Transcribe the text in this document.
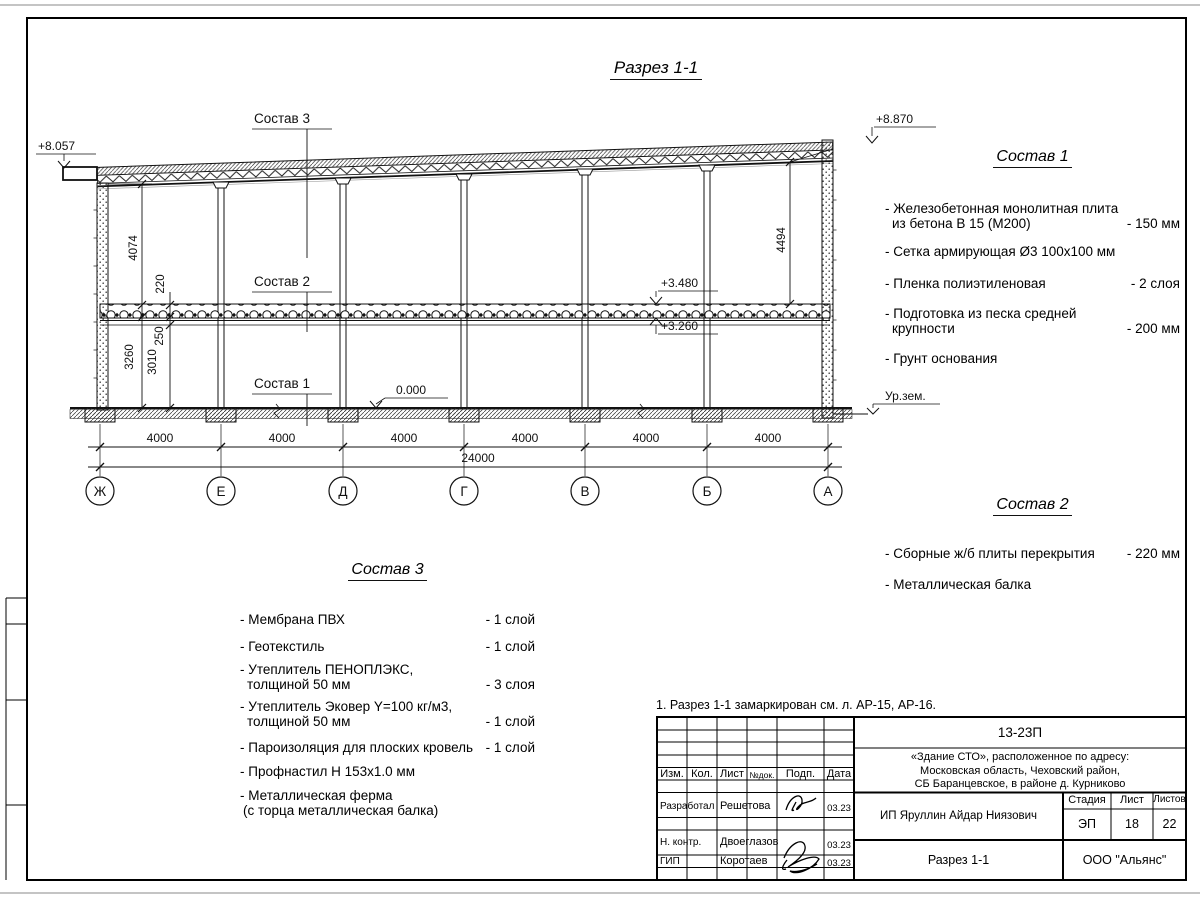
4000	4000	4000	4000	4000	4000
24000
Ж	Е	Д	Г	В	Б	А
4074
220
250
3260 3010
4494
+8.057
+8.870
+3.480
+3.260
0.000	Ур.зем.
Состав 3
Состав 2
Состав 1
Разрез 1-1
Состав 1
- Железобетонная монолитная плита
из бетона В 15 (М200)	- 150 мм
- Сетка армирующая Ø3 100х100 мм
- Пленка полиэтиленовая	- 2 слоя
- Подготовка из песка средней
крупности	- 200 мм
- Грунт основания
Состав 2
- Сборные ж/б плиты перекрытия	- 220 мм
- Металлическая балка
Состав 3
- Мембрана ПВХ	- 1 слой
- Геотекстиль	- 1 слой
- Утеплитель ПЕНОПЛЭКС,
толщиной 50 мм	- 3 слоя
- Утеплитель Эковер Y=100 кг/м3,
толщиной 50 мм	- 1 слой
- Пароизоляция для плоских кровель - 1 слой
- Профнастил Н 153х1.0 мм
- Металлическая ферма
(с торца металлическая балка)
1. Разрез 1-1 замаркирован см. л. АР-15, АР-16.
Изм. Кол. Лист №док.	Подп.	Дата
Разработал Решетова	03.23
Н. контр.	Двоеглазов	03.23
ГИП	Коротаев	03.23
13-23П
«Здание СТО», расположенное по адресу:
Московская область, Чеховский район,
СБ Баранцевское, в районе д. Курниково
ИП Яруллин Айдар Ниязович
Стадия	Лист Листов
ЭП	18	22
Разрез 1-1	ООО "Альянс"
